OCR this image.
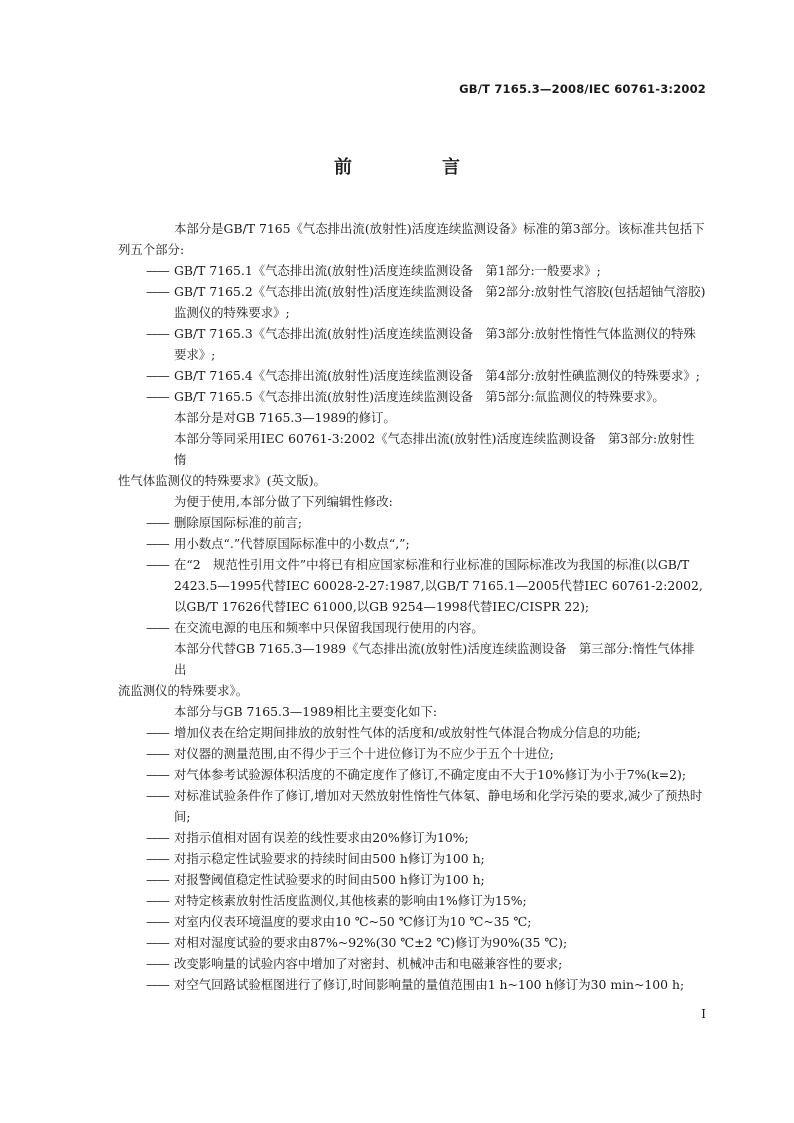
GB/T 7165.3—2008/IEC 60761-3:2002
前　言

本部分是GB/T 7165《气态排出流(放射性)活度连续监测设备》标准的第3部分。该标准共包括下

列五个部分:

—— GB/T 7165.1《气态排出流(放射性)活度连续监测设备　第1部分:一般要求》;

—— GB/T 7165.2《气态排出流(放射性)活度连续监测设备　第2部分:放射性气溶胶(包括超铀气溶胶)监测仪的特殊要求》;

—— GB/T 7165.3《气态排出流(放射性)活度连续监测设备　第3部分:放射性惰性气体监测仪的特殊要求》;

—— GB/T 7165.4《气态排出流(放射性)活度连续监测设备　第4部分:放射性碘监测仪的特殊要求》;

—— GB/T 7165.5《气态排出流(放射性)活度连续监测设备　第5部分:氚监测仪的特殊要求》。

本部分是对GB 7165.3—1989的修订。

本部分等同采用IEC 60761-3:2002《气态排出流(放射性)活度连续监测设备　第3部分:放射性惰

性气体监测仪的特殊要求》(英文版)。

为便于使用,本部分做了下列编辑性修改:

—— 删除原国际标准的前言;

—— 用小数点“.”代替原国际标准中的小数点“,”;

—— 在“2　规范性引用文件”中将已有相应国家标准和行业标准的国际标准改为我国的标准(以GB/T 2423.5—1995代替IEC 60028-2-27:1987,以GB/T 7165.1—2005代替IEC 60761-2:2002,以GB/T 17626代替IEC 61000,以GB 9254—1998代替IEC/CISPR 22);

—— 在交流电源的电压和频率中只保留我国现行使用的内容。

本部分代替GB 7165.3—1989《气态排出流(放射性)活度连续监测设备　第三部分:惰性气体排出

流监测仪的特殊要求》。

本部分与GB 7165.3—1989相比主要变化如下:

—— 增加仪表在给定期间排放的放射性气体的活度和/或放射性气体混合物成分信息的功能;

—— 对仪器的测量范围,由不得少于三个十进位修订为不应少于五个十进位;

—— 对气体参考试验源体积活度的不确定度作了修订,不确定度由不大于10%修订为小于7%(k=2);

—— 对标准试验条件作了修订,增加对天然放射性惰性气体氡、静电场和化学污染的要求,减少了预热时间;

—— 对指示值相对固有误差的线性要求由20%修订为10%;

—— 对指示稳定性试验要求的持续时间由500 h修订为100 h;

—— 对报警阈值稳定性试验要求的时间由500 h修订为100 h;

—— 对特定核素放射性活度监测仪,其他核素的影响由1%修订为15%;

—— 对室内仪表环境温度的要求由10 ℃~50 ℃修订为10 ℃~35 ℃;

—— 对相对湿度试验的要求由87%~92%(30 ℃±2 ℃)修订为90%(35 ℃);

—— 改变影响量的试验内容中增加了对密封、机械冲击和电磁兼容性的要求;

—— 对空气回路试验框图进行了修订,时间影响量的量值范围由1 h~100 h修订为30 min~100 h;

I
